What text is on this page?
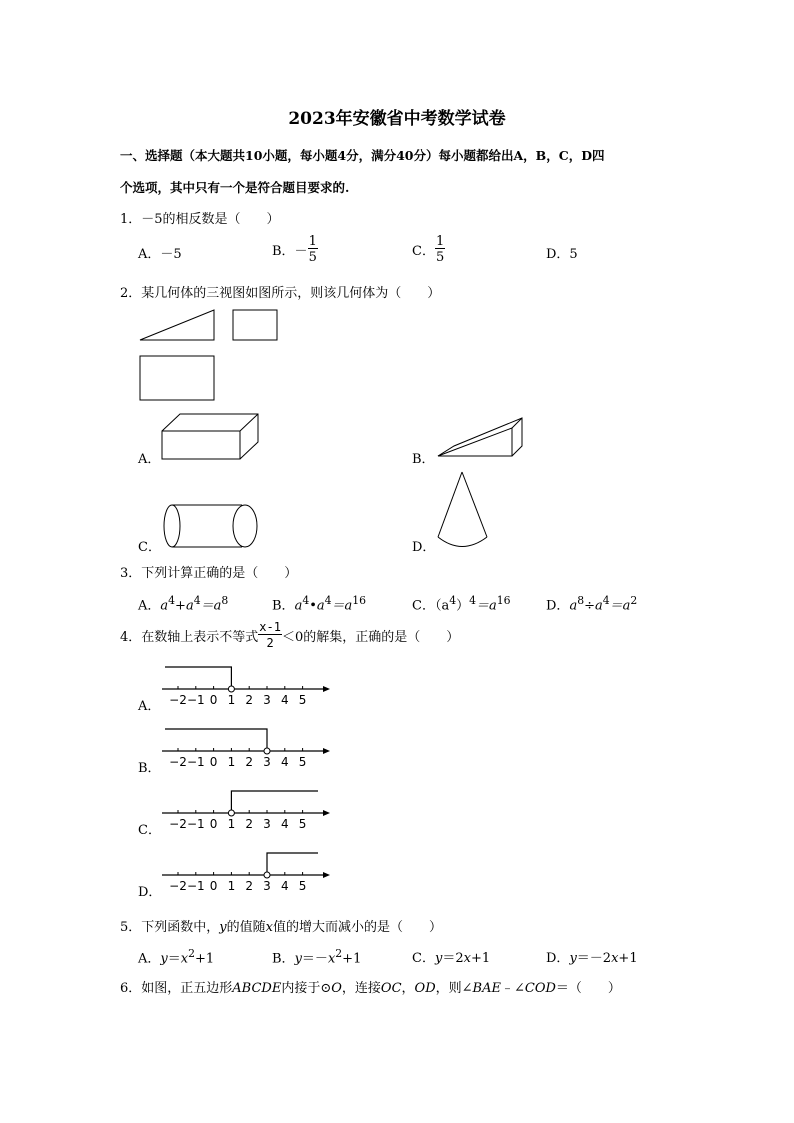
2023年安徽省中考数学试卷
一、选择题（本大题共10小题，每小题4分，满分40分）每小题都给出A，B，C，D四
个选项，其中只有一个是符合题目要求的.
1．－5的相反数是（　　）
A．－5	B．－ $\frac{1}{5}$	C． $\frac{1}{5}$	D．5
2．某几何体的三视图如图所示，则该几何体为（　　）
A．	B．
C．	D．
3．下列计算正确的是（　　）
A．$a^4+a^4=a^8$	B．$a^4•a^4=a^{16}$	C．$(a^4)^4=a^{16}$	D．$a^8\div a^4=a^2$
4．在数轴上表示不等式 $\frac{x-1}{2} <0$的解集，正确的是（　　）
A．
B．
C．
D．
−2 −1 0 1 2 3 4 5
−2 −1 0 1 2 3 4 5
−2 −1 0 1 2 3 4 5
−2 −1 0 1 2 3 4 5
5．下列函数中，y的值随x值的增大而减小的是（　　）
A．$y=x^2+1$	B．$y=-x^2+1$	C．y＝2x+1	D．y＝－2x+1
6．如图，正五边形ABCDE内接于⊙O，连接OC，OD，则∠BAE﹣∠COD＝（　　）
